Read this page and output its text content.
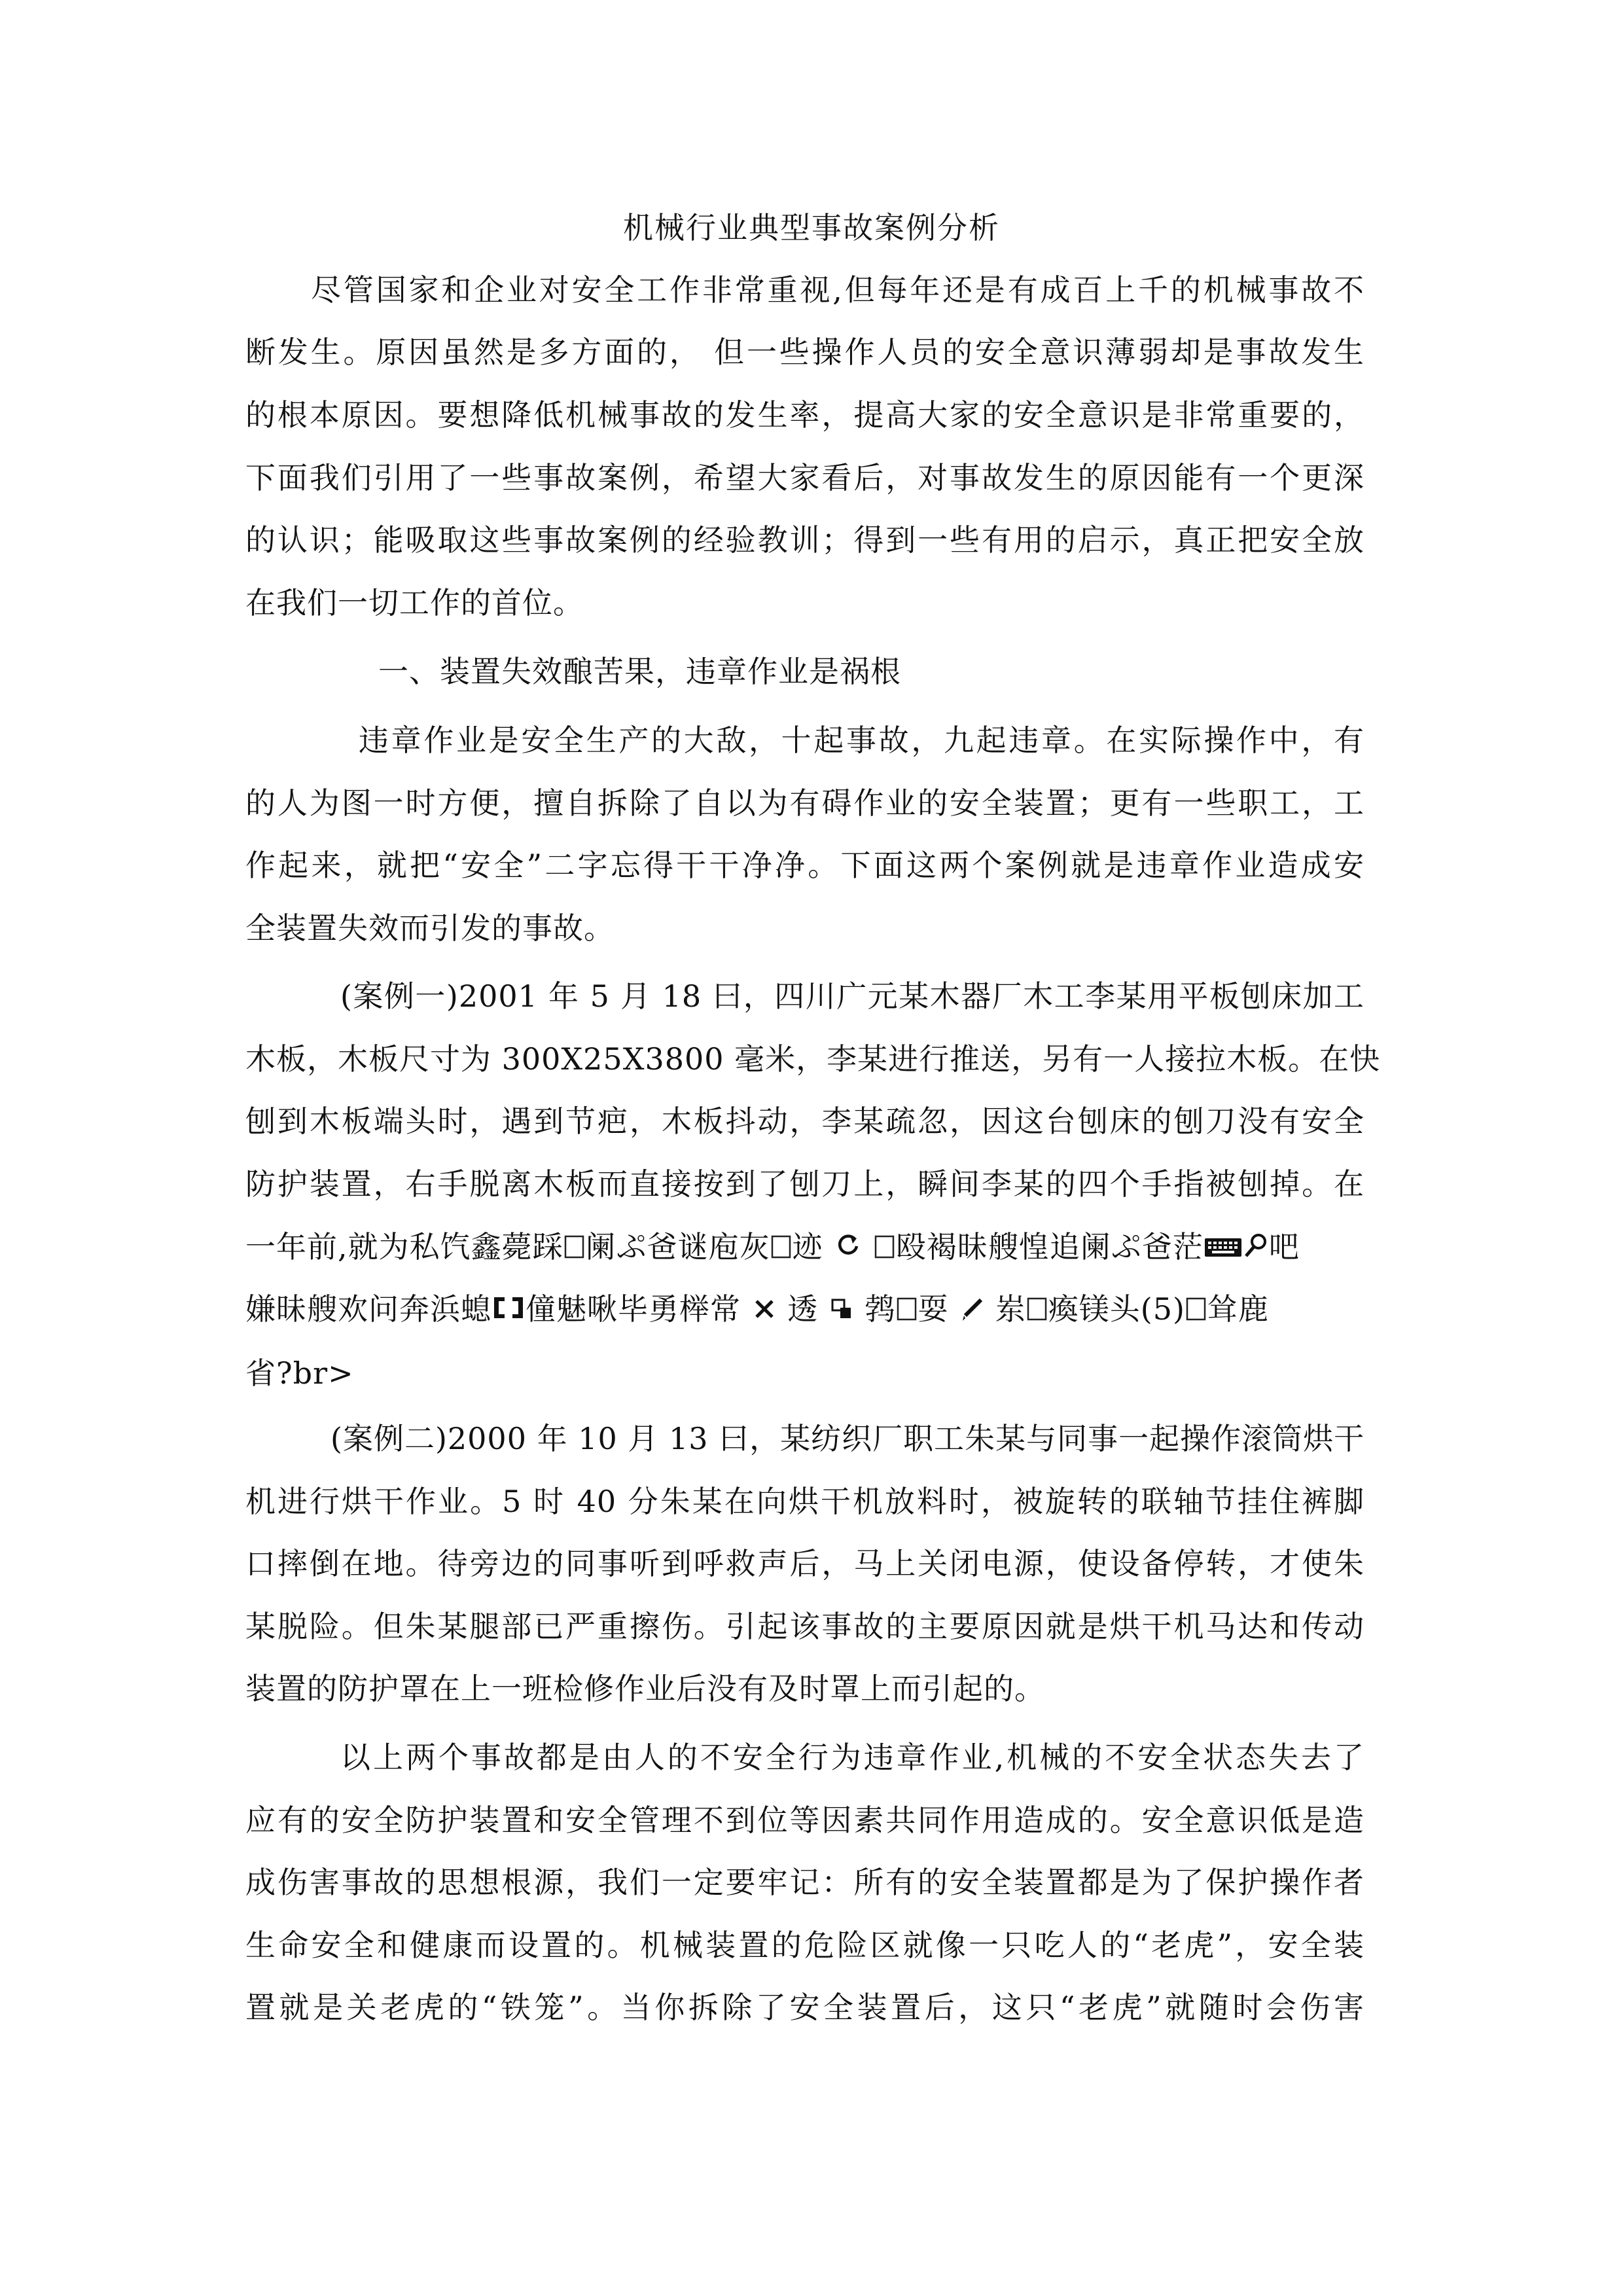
机械行业典型事故案例分析
尽管国家和企业对安全工作非常重视,但每年还是有成百上千的机械事故不
断发生。原因虽然是多方面的， 但一些操作人员的安全意识薄弱却是事故发生
的根本原因。要想降低机械事故的发生率，提高大家的安全意识是非常重要的，
下面我们引用了一些事故案例，希望大家看后，对事故发生的原因能有一个更深
的认识；能吸取这些事故案例的经验教训；得到一些有用的启示，真正把安全放
在我们一切工作的首位。
一、装置失效酿苦果，违章作业是祸根
违章作业是安全生产的大敌，十起事故，九起违章。在实际操作中，有
的人为图一时方便，擅自拆除了自以为有碍作业的安全装置；更有一些职工，工
作起来，就把“安全”二字忘得干干净净。下面这两个案例就是违章作业造成安
全装置失效而引发的事故。
(案例一)2001 年 5 月 18 曰，四川广元某木器厂木工李某用平板刨床加工
木板，木板尺寸为 300X25X3800 毫米，李某进行推送，另有一人接拉木板。在快
刨到木板端头时，遇到节疤，木板抖动，李某疏忽，因这台刨床的刨刀没有安全
防护装置，右手脱离木板而直接按到了刨刀上，瞬间李某的四个手指被刨掉。在
一年前,就为私饩鑫薨踩 阑ぷ爸谜庖灰 迹 殴褐昧艘惶追阑ぷ爸茫 吧
嫌昧艘欢问奔浜螅 僮魅啾毕勇榉常 透 鹁 耍 岽 瘓镁头(5) 耸鹿
省?br>
(案例二)2000 年 10 月 13 曰，某纺织厂职工朱某与同事一起操作滚筒烘干
机进行烘干作业。5 时 40 分朱某在向烘干机放料时，被旋转的联轴节挂住裤脚
口摔倒在地。待旁边的同事听到呼救声后，马上关闭电源，使设备停转，才使朱
某脱险。但朱某腿部已严重擦伤。引起该事故的主要原因就是烘干机马达和传动
装置的防护罩在上一班检修作业后没有及时罩上而引起的。
以上两个事故都是由人的不安全行为违章作业,机械的不安全状态失去了
应有的安全防护装置和安全管理不到位等因素共同作用造成的。安全意识低是造
成伤害事故的思想根源，我们一定要牢记：所有的安全装置都是为了保护操作者
生命安全和健康而设置的。机械装置的危险区就像一只吃人的“老虎”，安全装
置就是关老虎的“铁笼”。当你拆除了安全装置后，这只“老虎”就随时会伤害
